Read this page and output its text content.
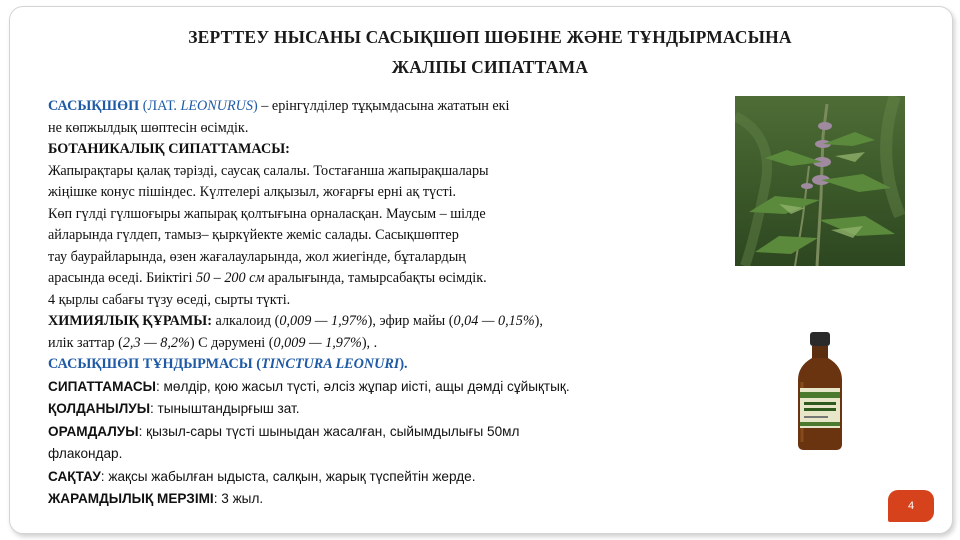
ЗЕРТТЕУ НЫСАНЫ САСЫҚШӨП ШӨБІНЕ ЖӘНЕ ТҰНДЫРМАСЫНА
ЖАЛПЫ СИПАТТАМА
САСЫҚШӨП (ЛАТ. LEONURUS) – ерінгүлділер тұқымдасына жататын екі
не көпжылдық шөптесін өсімдік.
БОТАНИКАЛЫҚ СИПАТТАМАСЫ:
Жапырақтары қалақ тәрізді, саусақ салалы. Тостағанша жапырақшалары
жіңішке конус пішіндес. Күлтелері алқызыл, жоғарғы ерні ақ түсті.
Көп гүлді гүлшоғыры жапырақ қолтығына орналасқан. Маусым – шілде
айларында гүлдеп, тамыз– қыркүйекте жеміс салады. Сасықшөптер
тау баурайларында, өзен жағалауларында, жол жиегінде, бұталардың
арасында өседі. Биіктігі 50 – 200 см аралығында, тамырсабақты өсімдік.
4 қырлы сабағы түзу өседі, сырты түкті.
ХИМИЯЛЫҚ ҚҰРАМЫ: алкалоид (0,009 — 1,97%), эфир майы (0,04 — 0,15%),
илік заттар (2,3 — 8,2%) С дәрумені (0,009 — 1,97%), .
САСЫҚШӨП ТҰНДЫРМАСЫ (TINCTURA LEONURI).
СИПАТТАМАСЫ: мөлдір, қою жасыл түсті, әлсіз жұпар иісті, ащы дәмді сұйықтық.
ҚОЛДАНЫЛУЫ: тыныштандырғыш зат.
ОРАМДАЛУЫ: қызыл-сары түсті шыныдан жасалған, сыйымдылығы 50мл
флакондар.
САҚТАУ: жақсы жабылған ыдыста, салқын, жарық түспейтін жерде.
ЖАРАМДЫЛЫҚ МЕРЗІМІ: 3 жыл.	4
